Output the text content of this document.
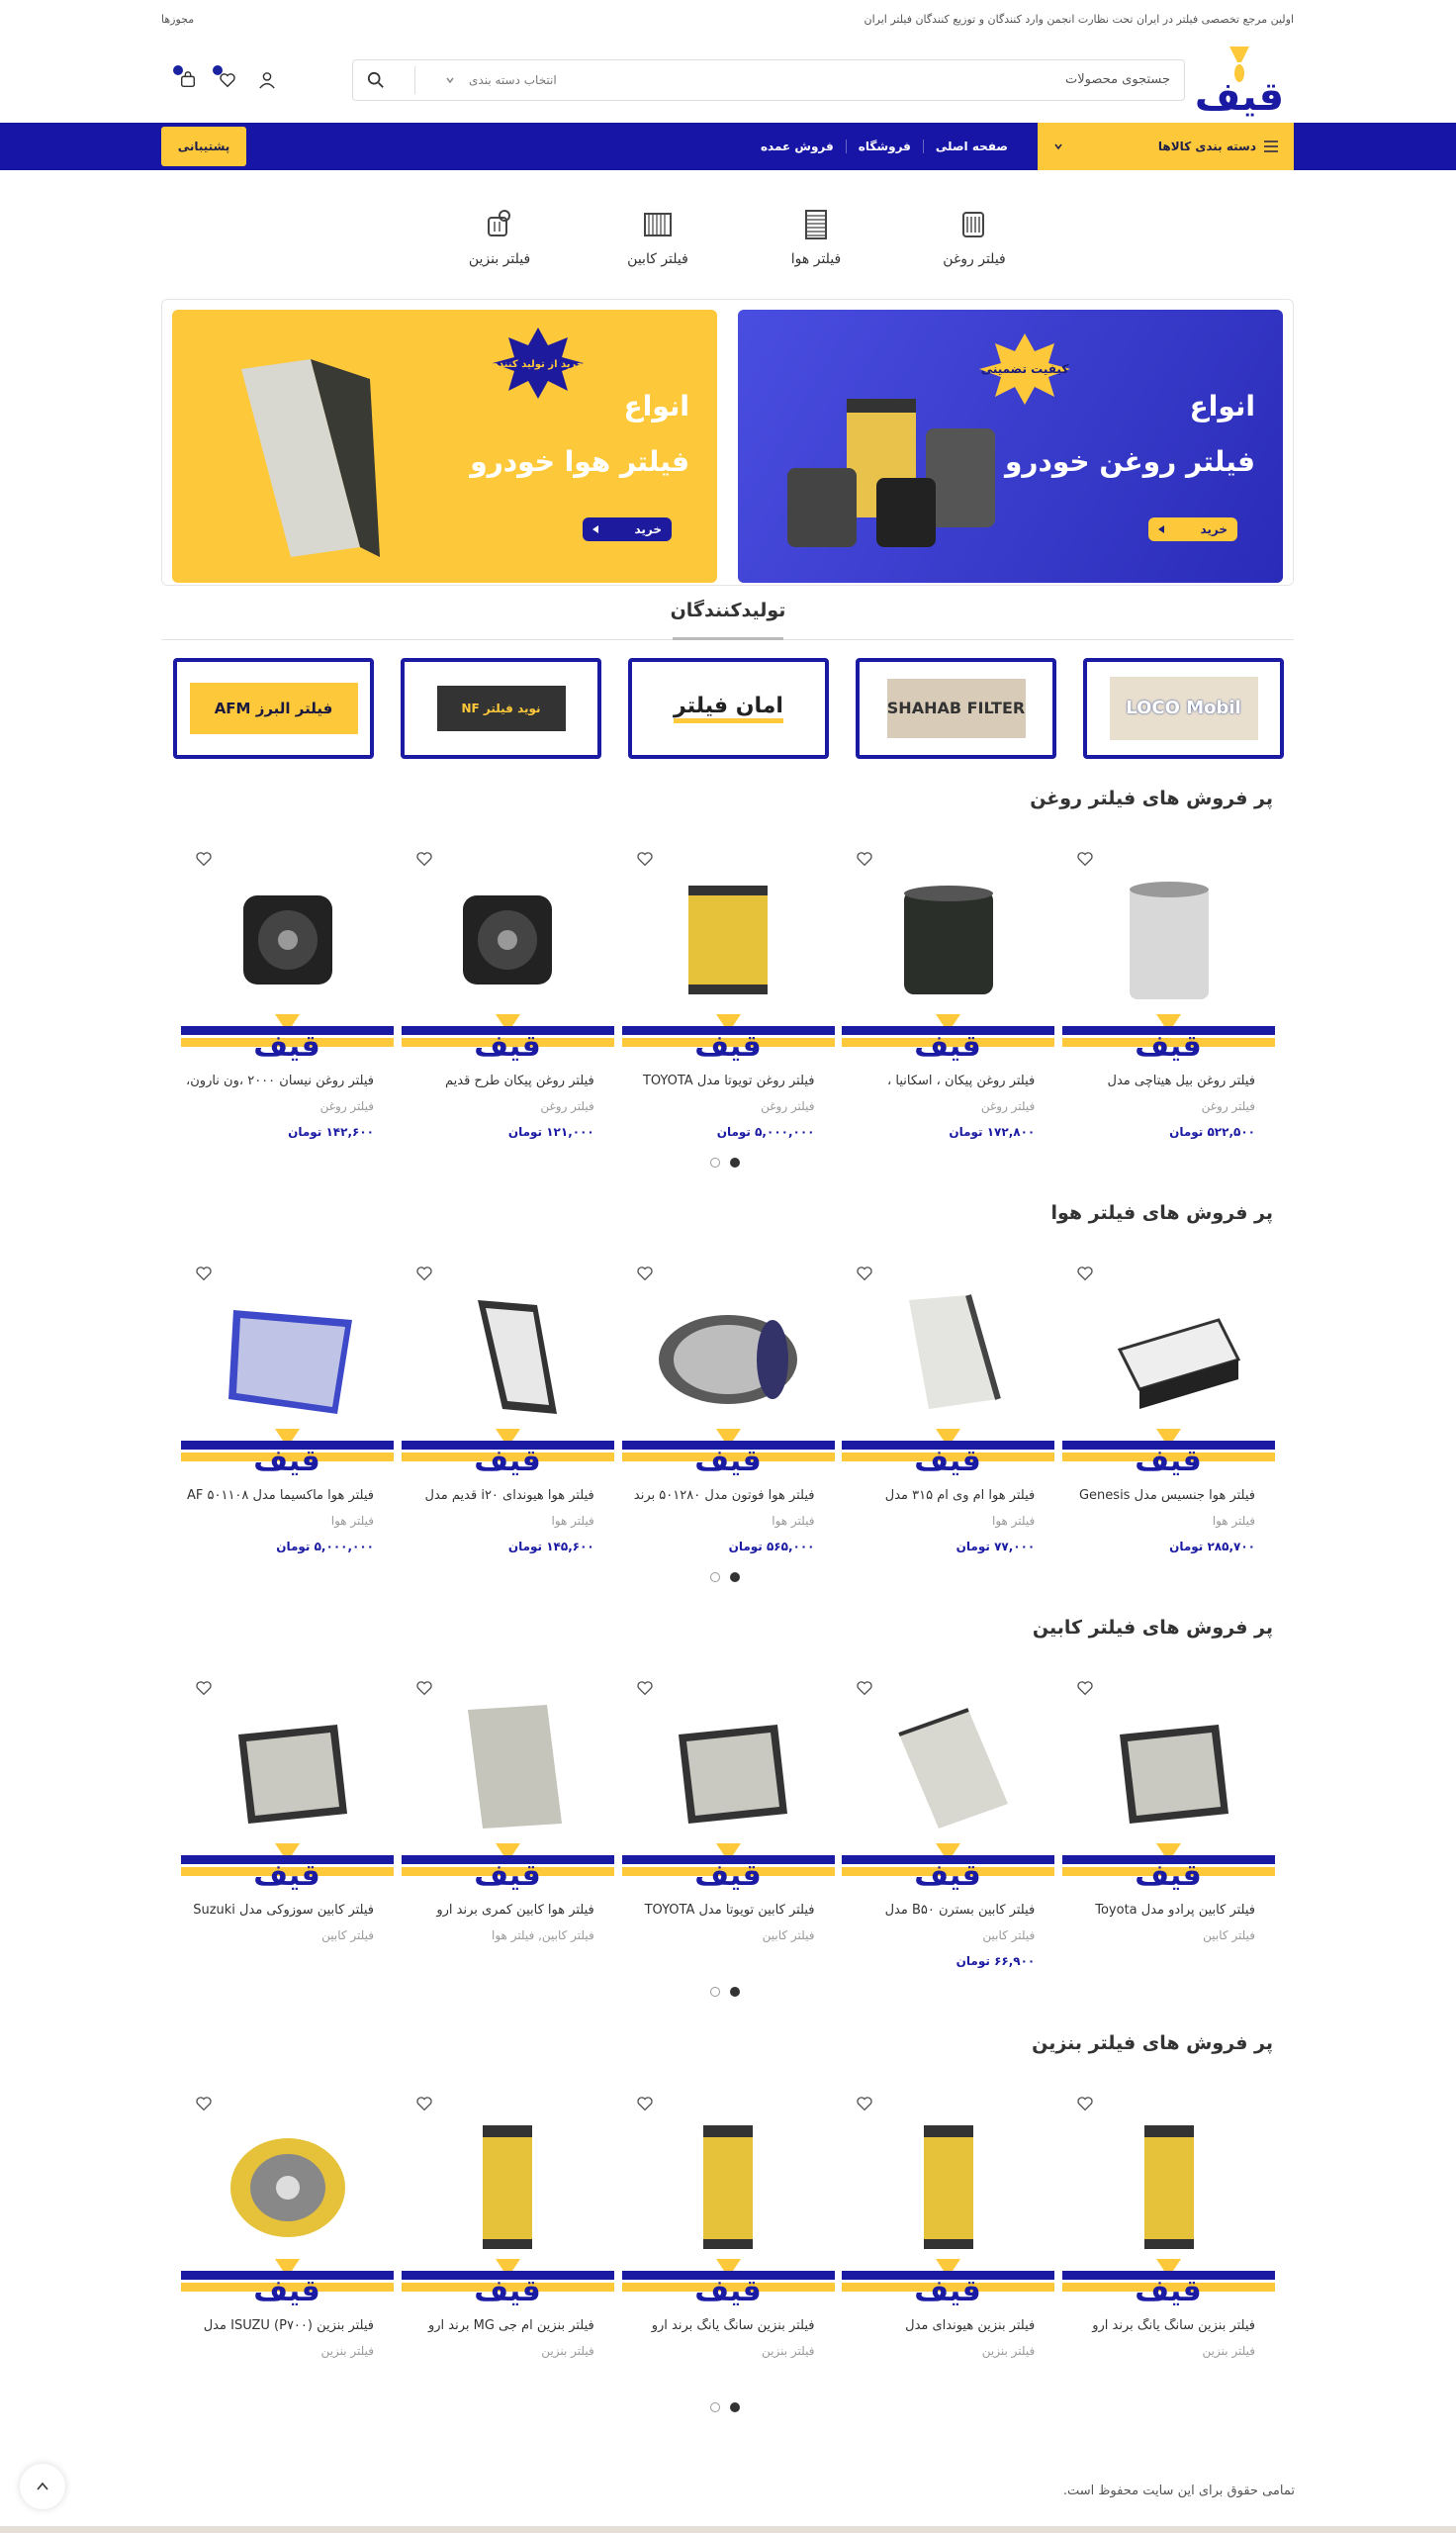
اولین مرجع تخصصی فیلتر در ایران تحت نظارت انجمن وارد کنندگان و توزیع کنندگان فیلتر ایران
مجوزها
قیف
جستجوی محصولات
انتخاب دسته بندی
دسته بندی کالاها
صفحه اصلی
فروشگاه
فروش عمده
پشتیبانی
فیلتر روغن
فیلتر هوا
فیلتر کابین
فیلتر بنزین
انواع
فیلتر روغن خودرو
کیفیت تضمینی
خرید
انواع
فیلتر هوا خودرو
خرید از تولید کننده
خرید
تولیدکنندگان
فیلتر البرز AFM	نوید فیلتر NF	امان فیلتر	SHAHAB FILTER	LOCO Mobil
پر فروش های فیلتر روغن
قیف
فیلتر روغن نیسان ۲۰۰۰ ،ون نارون،
فیلتر روغن
۱۴۲,۶۰۰ تومان
قیف
فیلتر روغن پیکان طرح قدیم
فیلتر روغن
۱۲۱,۰۰۰ تومان
قیف
فیلتر روغن تویوتا مدل TOYOTA
فیلتر روغن
۵,۰۰۰,۰۰۰ تومان
قیف
فیلتر روغن پیکان ، اسکانیا ،
فیلتر روغن
۱۷۲,۸۰۰ تومان
قیف
فیلتر روغن بیل هیتاچی مدل
فیلتر روغن
۵۲۲,۵۰۰ تومان
پر فروش های فیلتر هوا
قیف
فیلتر هوا ماکسیما مدل AF ۵۰۱۱۰۸
فیلتر هوا
۵,۰۰۰,۰۰۰ تومان
قیف
فیلتر هوا هیوندای i۲۰ قدیم مدل
فیلتر هوا
۱۴۵,۶۰۰ تومان
قیف
فیلتر هوا فوتون مدل ۵۰۱۲۸۰ برند
فیلتر هوا
۵۶۵,۰۰۰ تومان
قیف
فیلتر هوا ام وی ام ۳۱۵ مدل
فیلتر هوا
۷۷,۰۰۰ تومان
قیف
فیلتر هوا جنسیس مدل Genesis
فیلتر هوا
۲۸۵,۷۰۰ تومان
پر فروش های فیلتر کابین
قیف
فیلتر کابین سوزوکی مدل Suzuki
فیلتر کابین
قیف
فیلتر هوا کابین کمری برند آرو
فیلتر کابین, فیلتر هوا
قیف
فیلتر کابین تویوتا مدل TOYOTA
فیلتر کابین
قیف
فیلتر کابین بسترن B۵۰ مدل
فیلتر کابین
۶۶,۹۰۰ تومان
قیف
فیلتر کابین پرادو مدل Toyota
فیلتر کابین
پر فروش های فیلتر بنزین
قیف
فیلتر بنزین ISUZU (P۷۰۰) مدل
فیلتر بنزین
قیف
فیلتر بنزین ام جی MG برند آرو
فیلتر بنزین
قیف
فیلتر بنزین سانگ یانگ برند آرو
فیلتر بنزین
قیف
فیلتر بنزین هیوندای مدل
فیلتر بنزین
قیف
فیلتر بنزین سانگ یانگ برند آرو
فیلتر بنزین
تمامی حقوق برای این سایت محفوظ است.
